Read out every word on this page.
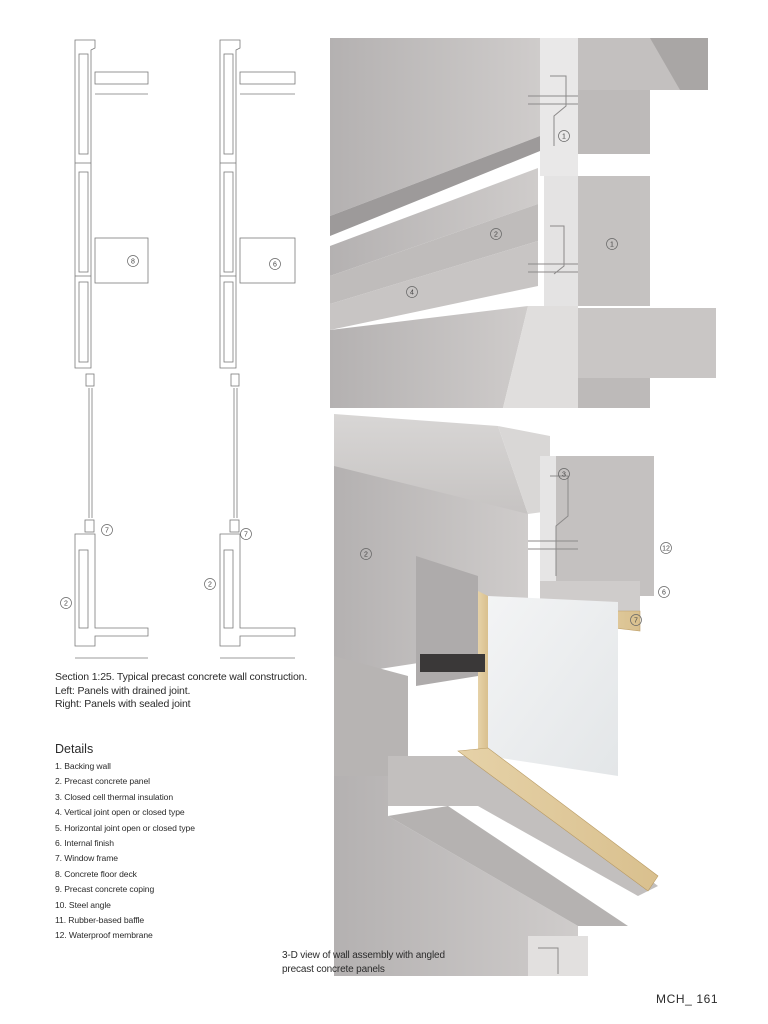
8
7
2
6
7
2
1
2
1
4
3
2
12
6
7
Section 1:25. Typical precast concrete wall construction.
Left: Panels with drained joint.
Right: Panels with sealed joint
Details
1. Backing wall
2. Precast concrete panel
3. Closed cell thermal insulation
4. Vertical joint open or closed type
5. Horizontal joint open or closed type
6. Internal finish
7. Window frame
8. Concrete floor deck
9. Precast concrete coping
10. Steel angle
11. Rubber-based baffle
12. Waterproof membrane
3-D view of wall assembly with angled
precast concrete panels
MCH_ 161
